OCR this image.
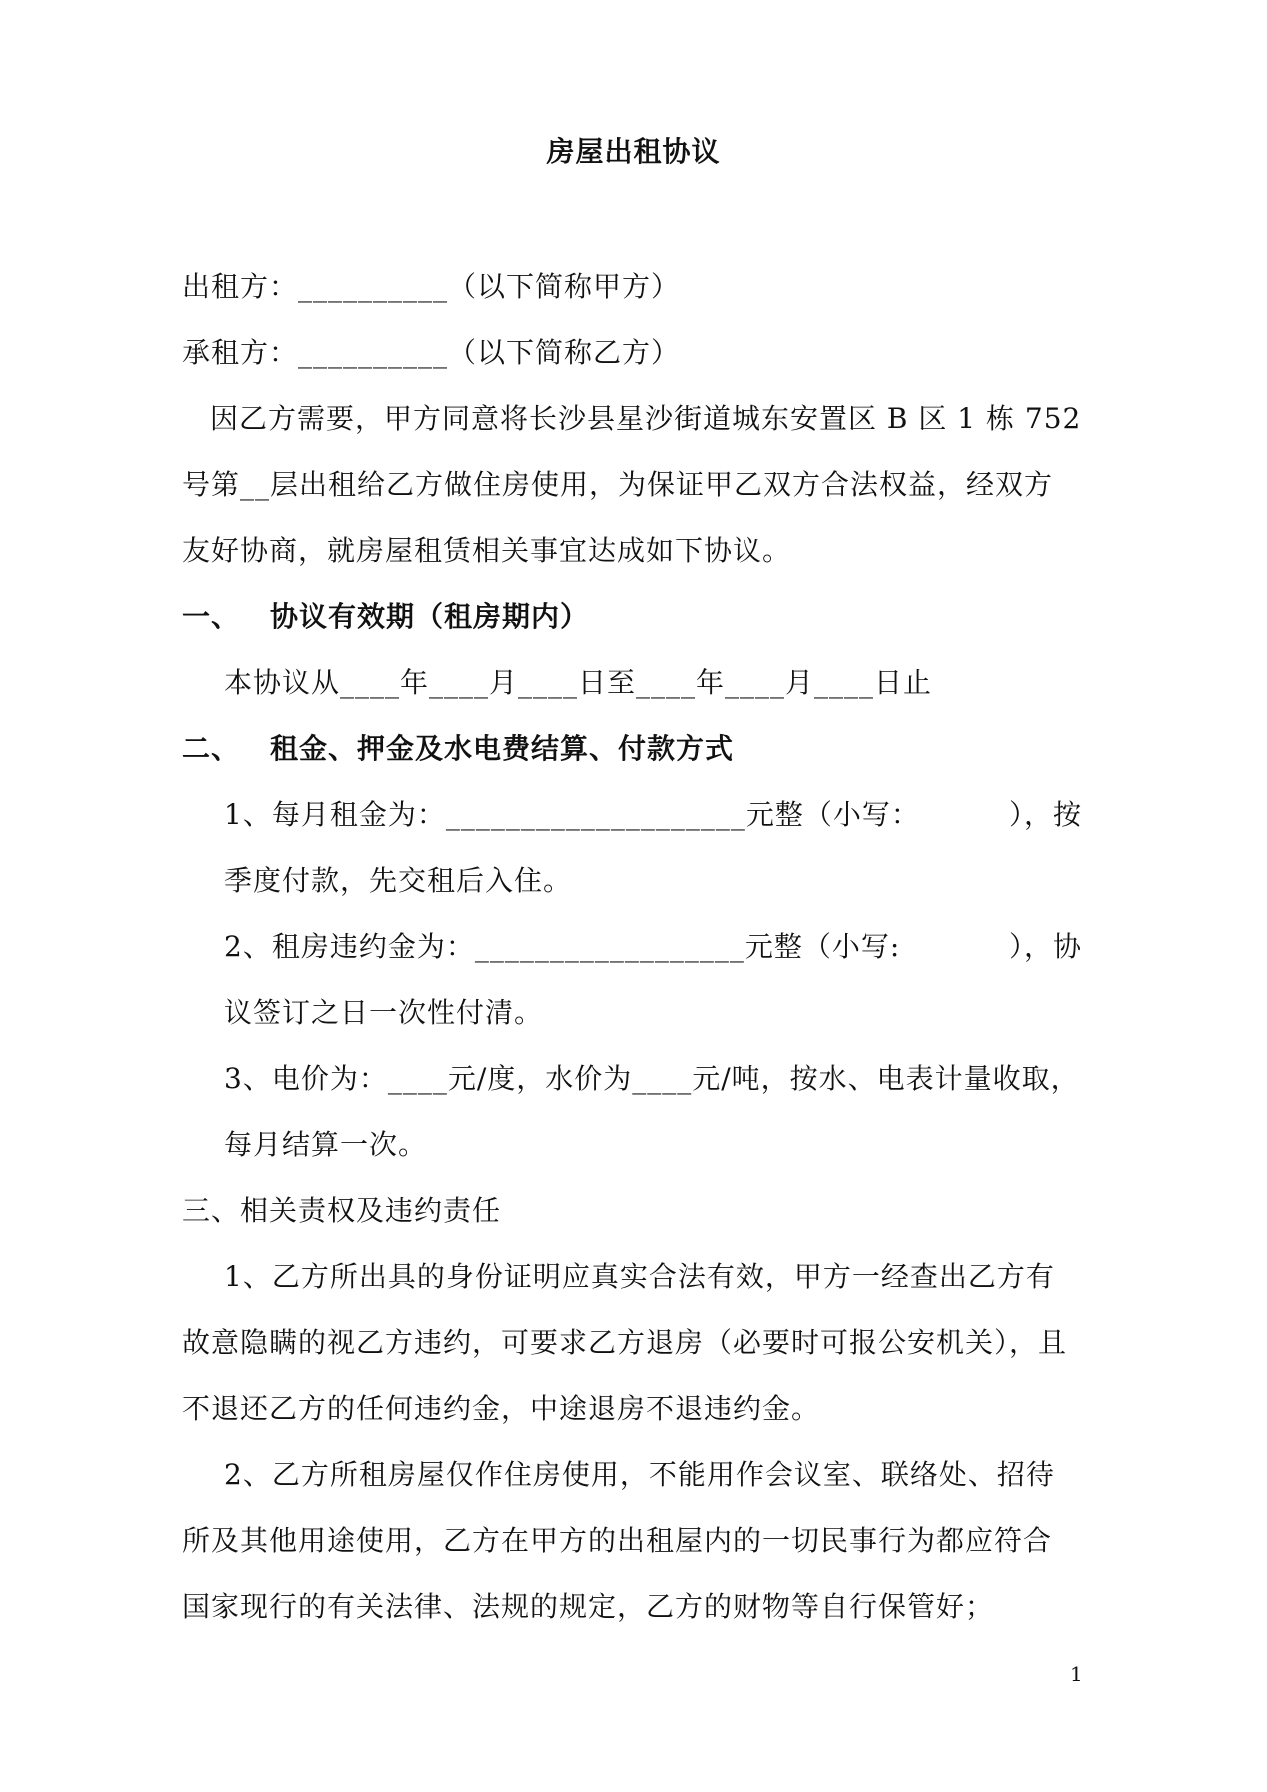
房屋出租协议
出租方：__________（以下简称甲方）
承租方：__________（以下简称乙方）
因乙方需要，甲方同意将长沙县星沙街道城东安置区 B 区 1 栋 752
号第__层出租给乙方做住房使用，为保证甲乙双方合法权益，经双方
友好协商，就房屋租赁相关事宜达成如下协议。
一、 协议有效期（租房期内）
本协议从____年____月____日至____年____月____日止
二、 租金、押金及水电费结算、付款方式
1、每月租金为：____________________元整（小写：	），按
季度付款，先交租后入住。
2、租房违约金为：__________________元整（小写:	），协
议签订之日一次性付清。
3、电价为：____元/度，水价为____元/吨，按水、电表计量收取，
每月结算一次。
三、相关责权及违约责任
1、乙方所出具的身份证明应真实合法有效，甲方一经查出乙方有
故意隐瞒的视乙方违约，可要求乙方退房（必要时可报公安机关），且
不退还乙方的任何违约金，中途退房不退违约金。
2、乙方所租房屋仅作住房使用，不能用作会议室、联络处、招待
所及其他用途使用，乙方在甲方的出租屋内的一切民事行为都应符合
国家现行的有关法律、法规的规定，乙方的财物等自行保管好；
1
